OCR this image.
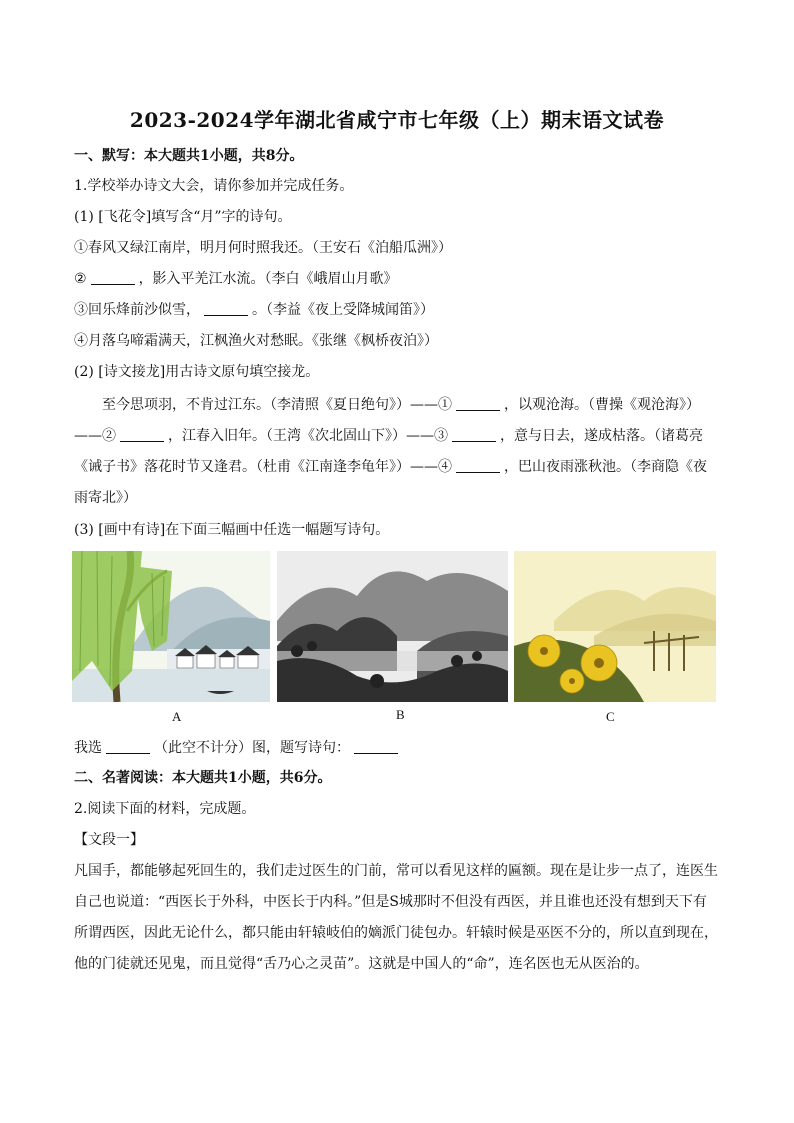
2023-2024学年湖北省咸宁市七年级（上）期末语文试卷
一、默写：本大题共1小题，共8分。
1.学校举办诗文大会，请你参加并完成任务。
(1) [飞花令]填写含“月”字的诗句。
①春风又绿江南岸，明月何时照我还。（王安石《泊船瓜洲》）
②	，影入平羌江水流。（李白《峨眉山月歌》
③回乐烽前沙似雪，	。（李益《夜上受降城闻笛》）
④月落乌啼霜满天，江枫渔火对愁眠。《张继《枫桥夜泊》）
(2) [诗文接龙]用古诗文原句填空接龙。
至今思项羽，不肯过江东。（李清照《夏日绝句》）——①	，以观沧海。（曹操《观沧海》）——②	，江春入旧年。（王湾《次北固山下》）——③	，意与日去，遂成枯落。（诸葛亮《诫子书》落花时节又逢君。（杜甫《江南逢李龟年》）——④	，巴山夜雨涨秋池。（李商隐《夜雨寄北》）
(3) [画中有诗]在下面三幅画中任选一幅题写诗句。
A	B	C
我选	（此空不计分）图，题写诗句：
二、名著阅读：本大题共1小题，共6分。
2.阅读下面的材料，完成题。
【文段一】
凡国手，都能够起死回生的，我们走过医生的门前，常可以看见这样的匾额。现在是让步一点了，连医生自己也说道：“西医长于外科，中医长于内科。”但是S城那时不但没有西医，并且谁也还没有想到天下有所谓西医，因此无论什么，都只能由轩辕岐伯的嫡派门徒包办。轩辕时候是巫医不分的，所以直到现在，他的门徒就还见鬼，而且觉得“舌乃心之灵苗”。这就是中国人的“命”，连名医也无从医治的。
